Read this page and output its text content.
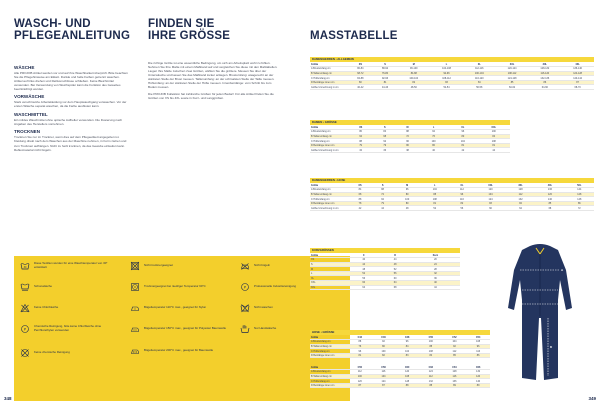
WASCH- UND
PFLEGEANLEITUNG
WÄSCHE
Alle PROJOB Artikel werden vor und auf ihre Waschbarkeit überprüft. Bitte beachten Sie die Pflegehinweise am Etikett. Dunkle und helle Farben getrennt waschen. Artikel auf links drehen und Reißverschlüsse schließen. Keine Bleichmittel verwenden. Bei Verwendung von Weichspüler kann die Funktion des Gewebes beeinträchtigt werden.
VORWÄSCHE
Stark verschmutzte Arbeitskleidung vor dem Hauptwaschgang vorwaschen. Vor der ersten Wäsche separat waschen, da die Farbe ausbluten kann.
WASCHMITTEL
Ein mildes Waschmittel ohne optische Aufheller verwenden. Die Dosierung nach Angaben des Herstellers vornehmen.
TROCKNEN
Trocknen Sie nur im Trockner, wenn dies auf dem Pflegeetikett angegeben ist. Kleidung direkt nach dem Waschen aus der Maschine nehmen, in Form ziehen und zum Trocknen aufhängen. Nicht zu heiß trocknen, da das Gewebe einlaufen kann. Reflexmaterial nicht bügeln.
FINDEN SIE
IHRE GRÖSSE
Die richtige Größe ist eine wesentliche Bedingung, um sich am Arbeitsplatz wohl zu fühlen. Nehmen Sie Ihre Maße mit einem Maßband auf und vergleichen Sie diese mit den Maßtabellen. Liegen Ihre Maße zwischen zwei Größen, wählen Sie die größere. Messen Sie über der Unterwäsche und lassen Sie das Maßband locker anliegen. Brustumfang: waagerecht an der stärksten Stelle der Brust messen. Taillenumfang: an der schmalsten Stelle der Taille messen. Hüftumfang: an der stärksten Stelle der Hüfte messen. Innenbeinlänge: vom Schritt bis zum Boden messen.
Die PROJOB Kollektion hat zahlreiche Größen für jeden Bedarf. Für alle Artikel finden Sie die Größen von XS bis 4XL sowie in Kurz- und Langgrößen.
30
Diese Textilien wurden für eine Waschtemperatur von 30° entwickelt	Nicht trocknergeeignet	Nicht bügeln
Schonwäsche	Trocknergeeignet bei niedriger Temperatur 60°C	P	Professionelle Industriereinigung
Keine Chlorbleiche	Bügeltemperatur 110°C max., geeignet für Nylon	Nicht waschen
P
Chemische Reinigung, bitte keine Chlorbleiche ohne Perchlorethylen verwenden	Bügeltemperatur 150°C max., geeignet für Polyester Baumwolle	Nur Handwäsche
Keine chemische Reinigung	Bügeltemperatur 200°C max., geeignet für Baumwolle
348	349
MASSTABELLE
DAMEN/HERREN • ALLGEMEIN
Größe	XS	S	M	L	XL	XXL	3XL	4XL
A Brustumfang cm	80-84	88-92	96-100	104-108	112-116	120-124	128-132	136-140
B Taillenumfang cm	68-72	76-80	84-88	92-96	100-104	108-112	116-120	124-128
C Hüftumfang cm	84-88	92-96	100-104	108-112	116-120	124-128	132-136	140-144
D Beinlänge innen cm	80	81	82	83	84	85	86	87
Größe Umrechnung in cm	40-42	44-46	48-50	52-54	56-58	60-62	64-66	68-70
DAMEN • GRÖSSE
Größe	XS	S	M	L	XL	XXL
A Brustumfang cm	80	84	88	92	96	100
B Taillenumfang cm	64	68	72	76	80	84
C Hüftumfang cm	88	92	96	100	104	108
D Beinlänge innen cm	79	79	80	80	81	81
Größe Umrechnung in cm	34	36	38	40	42	44
DAMEN/HERREN • HOSE
Größe	XS	S	M	L	XL	XXL	3XL	4XL	5XL
A Brustumfang cm	84	88	96	104	112	120	128	136	144
B Taillenumfang cm	68	72	80	88	96	104	112	120	128
C Hüftumfang cm	88	92	100	108	116	124	132	140	148
D Beinlänge innen cm	78	79	80	81	82	83	84	85	86
Größe Umrechnung in cm	42	44	48	52	56	60	64	68	72
KURZGRÖSSEN
Größe	C	D	Kurz
XS	40	44	20
S	44	48	24
M	48	52	28
L	52	56	32
XL	56	60	36
XXL	60	64	40
3XL	64	68	44
HOSE • GRÖSSE
Größe	C44	C46	C48	C50	C52	C54
A Brustumfang cm	88	92	96	100	104	108
B Taillenumfang cm	76	80	84	88	92	96
C Hüftumfang cm	96	100	104	108	112	116
D Beinlänge innen cm	81	82	83	84	85	86
Größe	C56	C58	C60	C62	C64	C66
A Brustumfang cm	112	116	120	124	128	132
B Taillenumfang cm	100	104	108	112	116	120
C Hüftumfang cm	120	124	128	132	136	140
D Beinlänge innen cm	87	87	88	88	89	89
A
B
C
D
